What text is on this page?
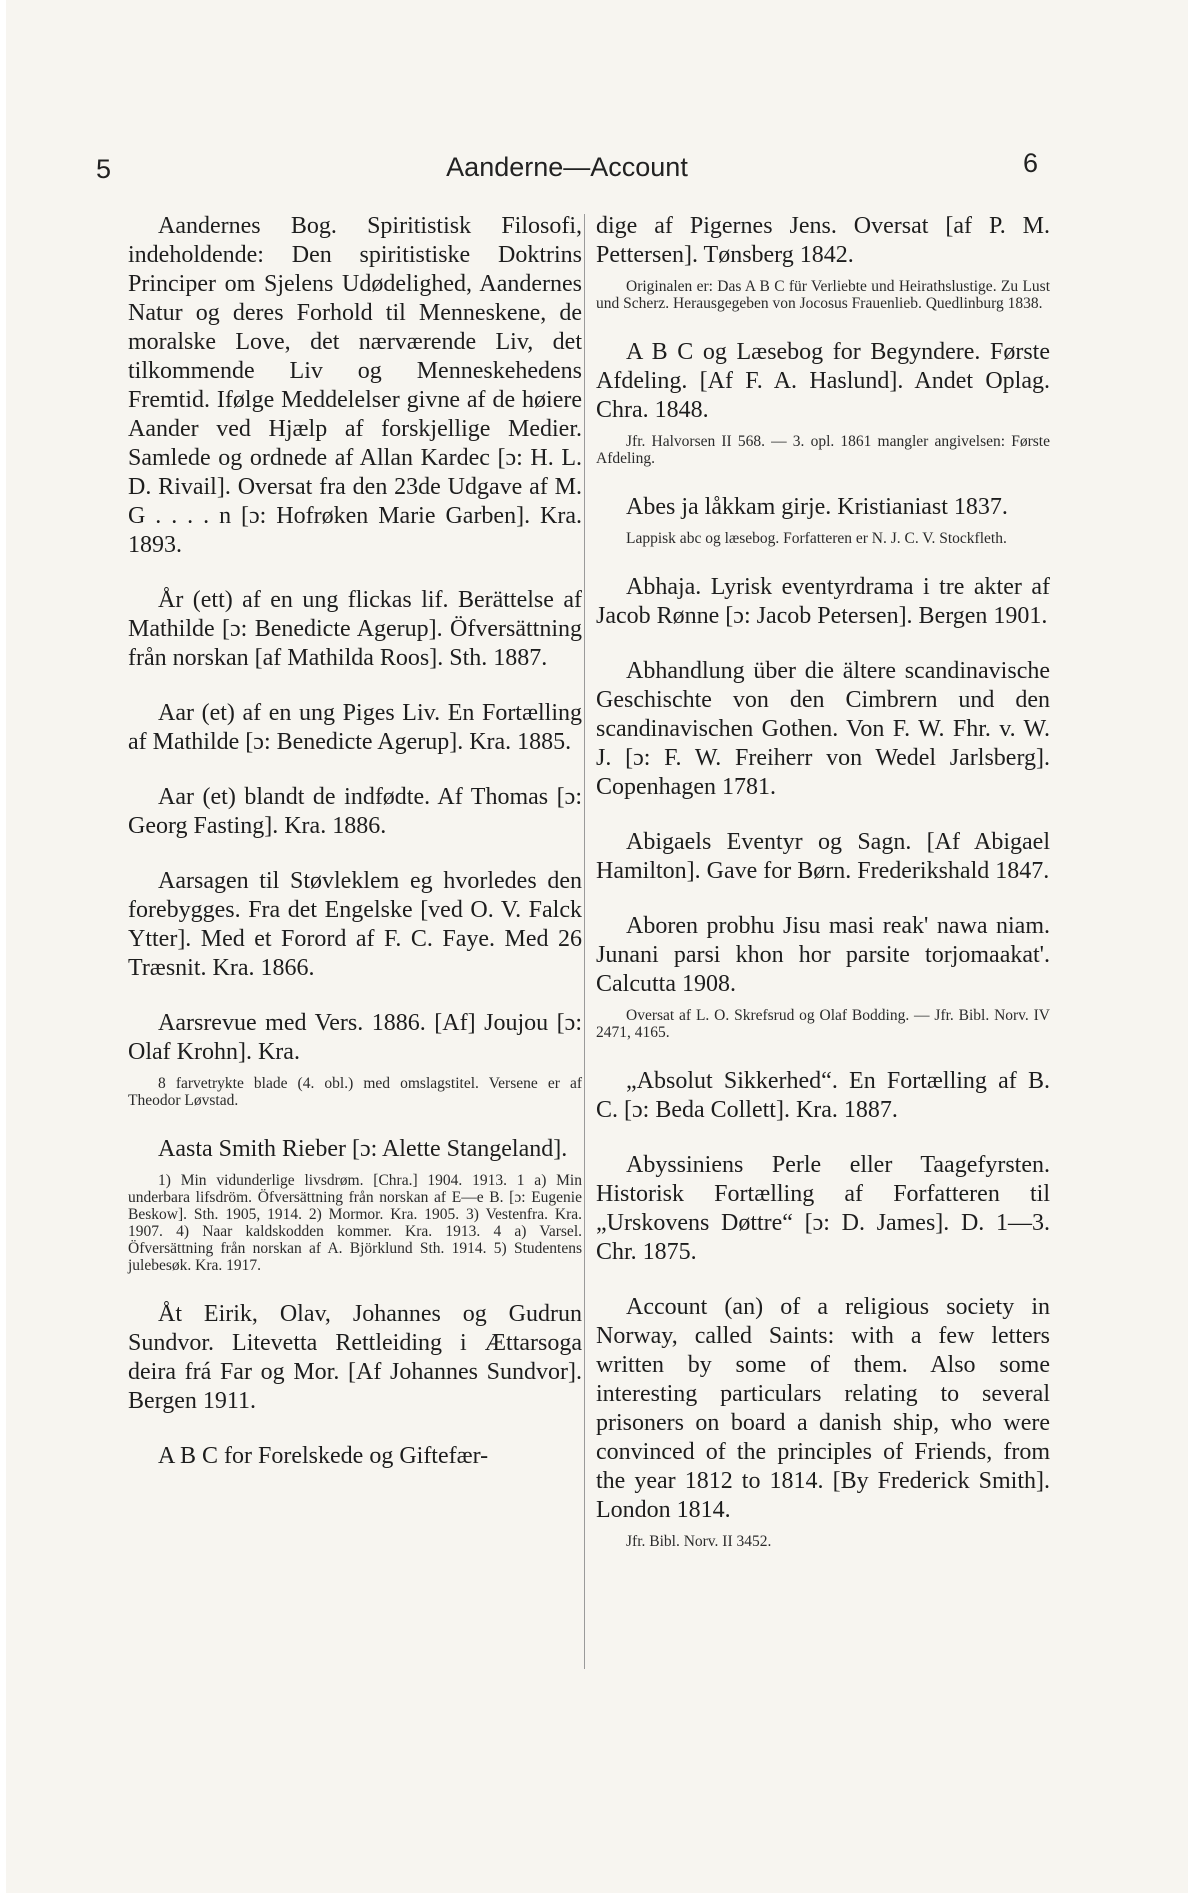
5	Aanderne—Account	6

Aandernes Bog. Spiritistisk Filosofi, indeholdende: Den spiritistiske Doktrins Principer om Sjelens Udødelighed, Aandernes Natur og deres Forhold til Menneskene, de moralske Love, det nærværende Liv, det tilkommende Liv og Menneskehedens Fremtid. Ifølge Meddelelser givne af de høiere Aander ved Hjælp af forskjellige Medier. Samlede og ordnede af Allan Kardec [ɔ: H. L. D. Rivail]. Oversat fra den 23de Udgave af M. G . . . . n [ɔ: Hofrøken Marie Garben]. Kra. 1893.

År (ett) af en ung flickas lif. Berättelse af Mathilde [ɔ: Benedicte Agerup]. Öfversättning från norskan [af Mathilda Roos]. Sth. 1887.

Aar (et) af en ung Piges Liv. En Fortælling af Mathilde [ɔ: Benedicte Agerup]. Kra. 1885.

Aar (et) blandt de indfødte. Af Thomas [ɔ: Georg Fasting]. Kra. 1886.

Aarsagen til Støvleklem eg hvorledes den forebygges. Fra det Engelske [ved O. V. Falck Ytter]. Med et Forord af F. C. Faye. Med 26 Træsnit. Kra. 1866.

Aarsrevue med Vers. 1886. [Af] Joujou [ɔ: Olaf Krohn]. Kra.

8 farvetrykte blade (4. obl.) med omslagstitel. Versene er af Theodor Løvstad.

Aasta Smith Rieber [ɔ: Alette Stangeland].

1) Min vidunderlige livsdrøm. [Chra.] 1904. 1913. 1 a) Min underbara lifsdröm. Öfversättning från norskan af E—e B. [ɔ: Eugenie Beskow]. Sth. 1905, 1914. 2) Mormor. Kra. 1905. 3) Vestenfra. Kra. 1907. 4) Naar kaldskodden kommer. Kra. 1913. 4 a) Varsel. Öfversättning från norskan af A. Björklund Sth. 1914. 5) Studentens julebesøk. Kra. 1917.

Åt Eirik, Olav, Johannes og Gudrun Sundvor. Litevetta Rettleiding i Ættarsoga deira frá Far og Mor. [Af Johannes Sundvor]. Bergen 1911.

A B C for Forelskede og Giftefær-

dige af Pigernes Jens. Oversat [af P. M. Pettersen]. Tønsberg 1842.

Originalen er: Das A B C für Verliebte und Heirathslustige. Zu Lust und Scherz. Herausgegeben von Jocosus Frauenlieb. Quedlinburg 1838.

A B C og Læsebog for Begyndere. Første Afdeling. [Af F. A. Haslund]. Andet Oplag. Chra. 1848.

Jfr. Halvorsen II 568. — 3. opl. 1861 mangler angivelsen: Første Afdeling.

Abes ja låkkam girje. Kristianiast 1837.

Lappisk abc og læsebog. Forfatteren er N. J. C. V. Stockfleth.

Abhaja. Lyrisk eventyrdrama i tre akter af Jacob Rønne [ɔ: Jacob Petersen]. Bergen 1901.

Abhandlung über die ältere scandinavische Geschischte von den Cimbrern und den scandinavischen Gothen. Von F. W. Fhr. v. W. J. [ɔ: F. W. Freiherr von Wedel Jarlsberg]. Copenhagen 1781.

Abigaels Eventyr og Sagn. [Af Abigael Hamilton]. Gave for Børn. Frederikshald 1847.

Aboren probhu Jisu masi reak' nawa niam. Junani parsi khon hor parsite torjomaakat'. Calcutta 1908.

Oversat af L. O. Skrefsrud og Olaf Bodding. — Jfr. Bibl. Norv. IV 2471, 4165.

„Absolut Sikkerhed“. En Fortælling af B. C. [ɔ: Beda Collett]. Kra. 1887.

Abyssiniens Perle eller Taagefyrsten. Historisk Fortælling af Forfatteren til „Urskovens Døttre“ [ɔ: D. James]. D. 1—3. Chr. 1875.

Account (an) of a religious society in Norway, called Saints: with a few letters written by some of them. Also some interesting particulars relating to several prisoners on board a danish ship, who were convinced of the principles of Friends, from the year 1812 to 1814. [By Frederick Smith]. London 1814.

Jfr. Bibl. Norv. II 3452.
